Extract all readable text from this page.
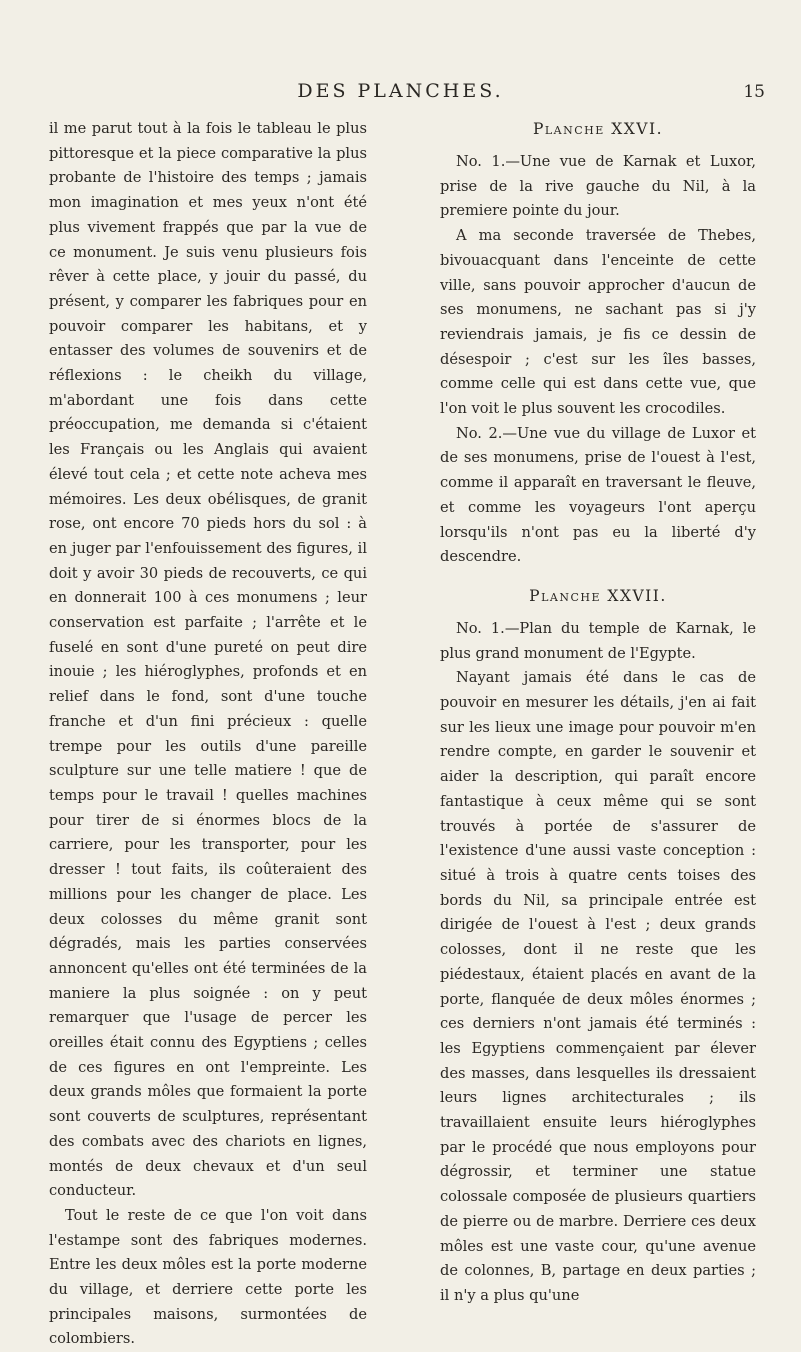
DES PLANCHES.	15

il me parut tout à la fois le tableau le plus pittoresque et la piece comparative la plus probante de l'histoire des temps ; jamais mon imagination et mes yeux n'ont été plus vivement frappés que par la vue de ce monument. Je suis venu plusieurs fois rêver à cette place, y jouir du passé, du présent, y comparer les fabriques pour en pouvoir comparer les habitans, et y entasser des volumes de souvenirs et de réflexions : le cheikh du village, m'abordant une fois dans cette préoccupation, me demanda si c'étaient les Français ou les Anglais qui avaient élevé tout cela ; et cette note acheva mes mémoires. Les deux obélisques, de granit rose, ont encore 70 pieds hors du sol : à en juger par l'enfouissement des figures, il doit y avoir 30 pieds de recouverts, ce qui en donnerait 100 à ces monumens ; leur conservation est parfaite ; l'arrête et le fuselé en sont d'une pureté on peut dire inouie ; les hiéroglyphes, profonds et en relief dans le fond, sont d'une touche franche et d'un fini précieux : quelle trempe pour les outils d'une pareille sculpture sur une telle matiere ! que de temps pour le travail ! quelles machines pour tirer de si énormes blocs de la carriere, pour les transporter, pour les dresser ! tout faits, ils coûteraient des millions pour les changer de place. Les deux colosses du même granit sont dégradés, mais les parties conservées annoncent qu'elles ont été terminées de la maniere la plus soignée : on y peut remarquer que l'usage de percer les oreilles était connu des Egyptiens ; celles de ces figures en ont l'empreinte. Les deux grands môles que formaient la porte sont couverts de sculptures, représentant des combats avec des chariots en lignes, montés de deux chevaux et d'un seul conducteur.

Tout le reste de ce que l'on voit dans l'estampe sont des fabriques modernes. Entre les deux môles est la porte moderne du village, et derriere cette porte les principales maisons, surmontées de colombiers.

Planche XXVI.

No. 1.—Une vue de Karnak et Luxor, prise de la rive gauche du Nil, à la premiere pointe du jour.

A ma seconde traversée de Thebes, bivouacquant dans l'enceinte de cette ville, sans pouvoir approcher d'aucun de ses monumens, ne sachant pas si j'y reviendrais jamais, je fis ce dessin de désespoir ; c'est sur les îles basses, comme celle qui est dans cette vue, que l'on voit le plus souvent les crocodiles.

No. 2.—Une vue du village de Luxor et de ses monumens, prise de l'ouest à l'est, comme il apparaît en traversant le fleuve, et comme les voyageurs l'ont aperçu lorsqu'ils n'ont pas eu la liberté d'y descendre.

Planche XXVII.

No. 1.—Plan du temple de Karnak, le plus grand monument de l'Egypte.

Nayant jamais été dans le cas de pouvoir en mesurer les détails, j'en ai fait sur les lieux une image pour pouvoir m'en rendre compte, en garder le souvenir et aider la description, qui paraît encore fantastique à ceux même qui se sont trouvés à portée de s'assurer de l'existence d'une aussi vaste conception : situé à trois à quatre cents toises des bords du Nil, sa principale entrée est dirigée de l'ouest à l'est ; deux grands colosses, dont il ne reste que les piédestaux, étaient placés en avant de la porte, flanquée de deux môles énormes ; ces derniers n'ont jamais été terminés : les Egyptiens commençaient par élever des masses, dans lesquelles ils dressaient leurs lignes architecturales ; ils travaillaient ensuite leurs hiéroglyphes par le procédé que nous employons pour dégrossir, et terminer une statue colossale composée de plusieurs quartiers de pierre ou de marbre. Derriere ces deux môles est une vaste cour, qu'une avenue de colonnes, B, partage en deux parties ; il n'y a plus qu'une
